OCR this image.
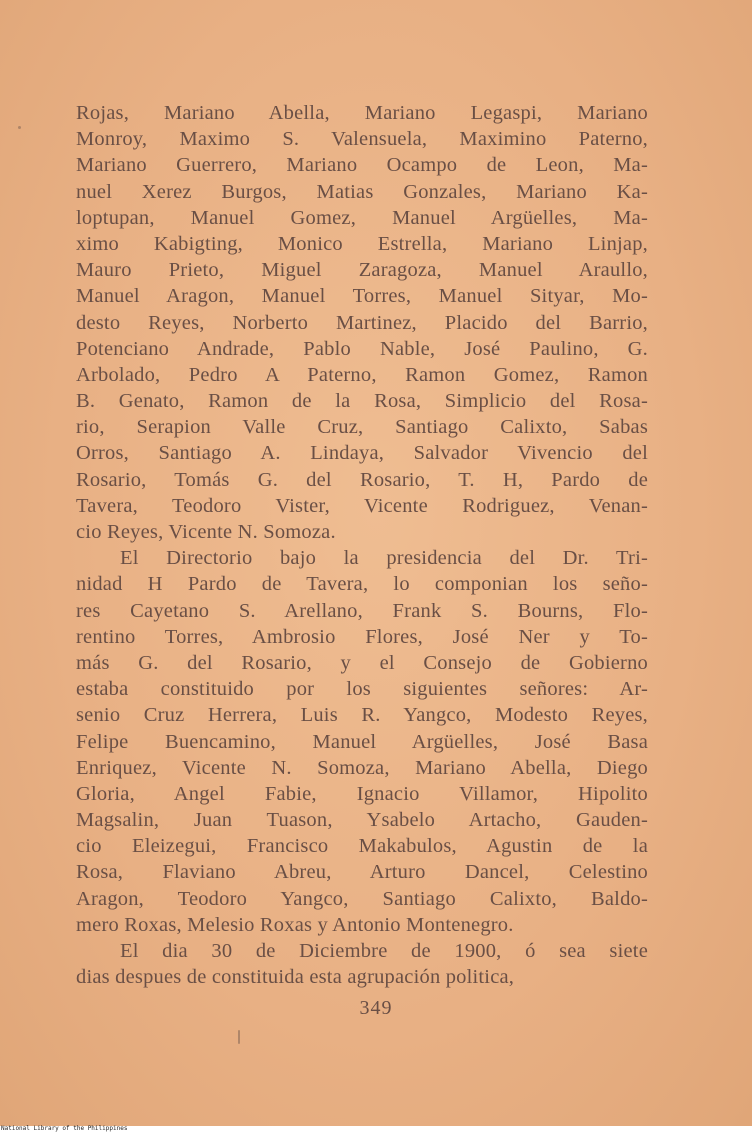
Rojas, Mariano Abella, Mariano Legaspi, Mariano
Monroy, Maximo S. Valensuela, Maximino Paterno,
Mariano Guerrero, Mariano Ocampo de Leon, Ma-
nuel Xerez Burgos, Matias Gonzales, Mariano Ka-
loptupan, Manuel Gomez, Manuel Argüelles, Ma-
ximo Kabigting, Monico Estrella, Mariano Linjap,
Mauro Prieto, Miguel Zaragoza, Manuel Araullo,
Manuel Aragon, Manuel Torres, Manuel Sityar, Mo-
desto Reyes, Norberto Martinez, Placido del Barrio,
Potenciano Andrade, Pablo Nable, José Paulino, G.
Arbolado, Pedro A Paterno, Ramon Gomez, Ramon
B. Genato, Ramon de la Rosa, Simplicio del Rosa-
rio, Serapion Valle Cruz, Santiago Calixto, Sabas
Orros, Santiago A. Lindaya, Salvador Vivencio del
Rosario, Tomás G. del Rosario, T. H, Pardo de
Tavera, Teodoro Vister, Vicente Rodriguez, Venan-
cio Reyes, Vicente N. Somoza.
El Directorio bajo la presidencia del Dr. Tri-
nidad H Pardo de Tavera, lo componian los seño-
res Cayetano S. Arellano, Frank S. Bourns, Flo-
rentino Torres, Ambrosio Flores, José Ner y To-
más G. del Rosario, y el Consejo de Gobierno
estaba constituido por los siguientes señores: Ar-
senio Cruz Herrera, Luis R. Yangco, Modesto Reyes,
Felipe Buencamino, Manuel Argüelles, José Basa
Enriquez, Vicente N. Somoza, Mariano Abella, Diego
Gloria, Angel Fabie, Ignacio Villamor, Hipolito
Magsalin, Juan Tuason, Ysabelo Artacho, Gauden-
cio Eleizegui, Francisco Makabulos, Agustin de la
Rosa, Flaviano Abreu, Arturo Dancel, Celestino
Aragon, Teodoro Yangco, Santiago Calixto, Baldo-
mero Roxas, Melesio Roxas y Antonio Montenegro.
El dia 30 de Diciembre de 1900, ó sea siete
dias despues de constituida esta agrupación politica,
349
National Library of the Philippines
